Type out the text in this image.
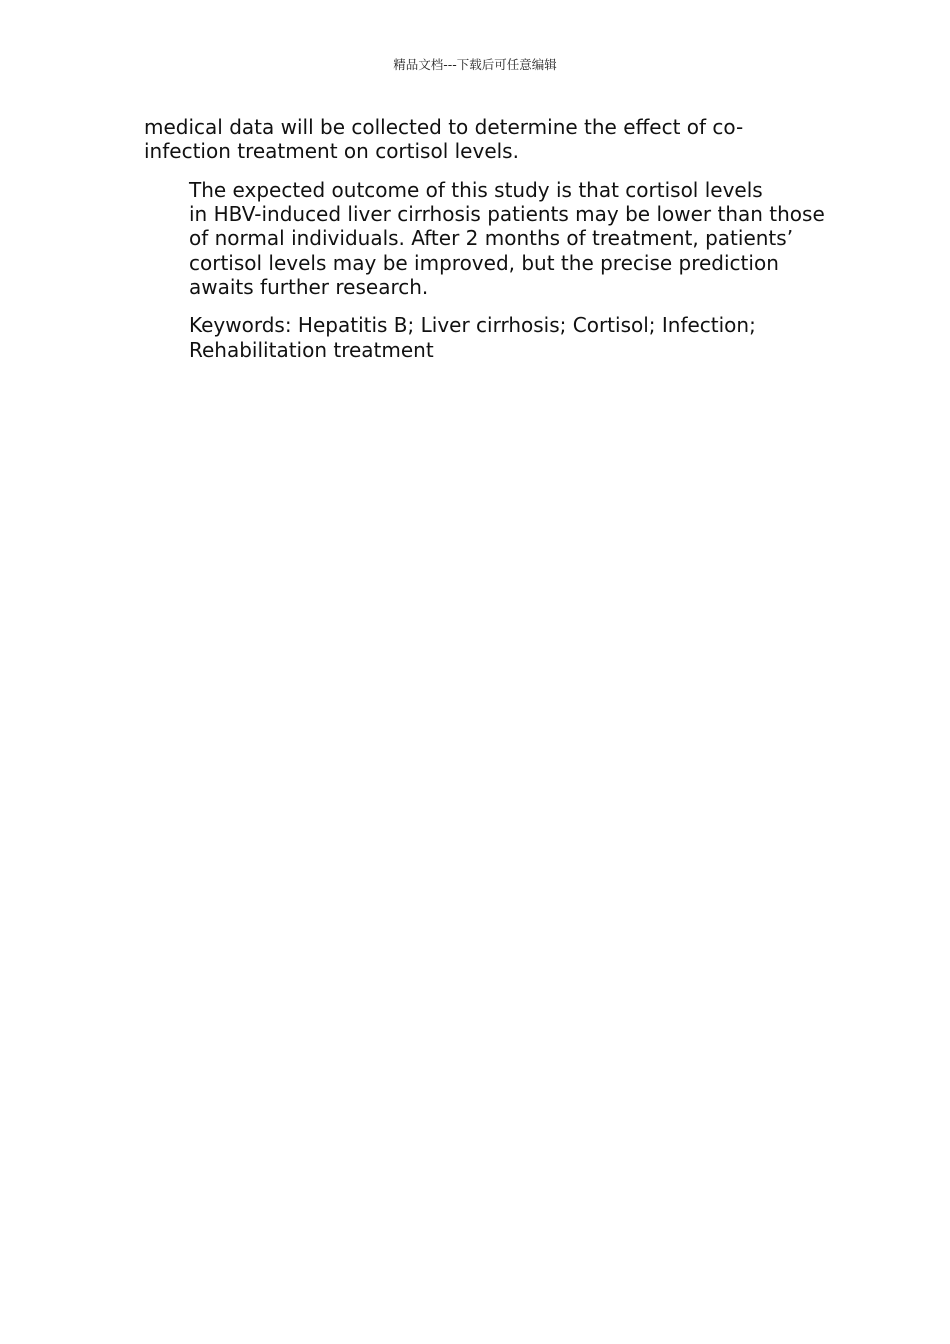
精品文档---下载后可任意编辑

medical data will be collected to determine the effect of co-
infection treatment on cortisol levels.

The expected outcome of this study is that cortisol levels
in HBV-induced liver cirrhosis patients may be lower than those
of normal individuals. After 2 months of treatment, patients’
cortisol levels may be improved, but the precise prediction
awaits further research.

Keywords: Hepatitis B; Liver cirrhosis; Cortisol; Infection;
Rehabilitation treatment
